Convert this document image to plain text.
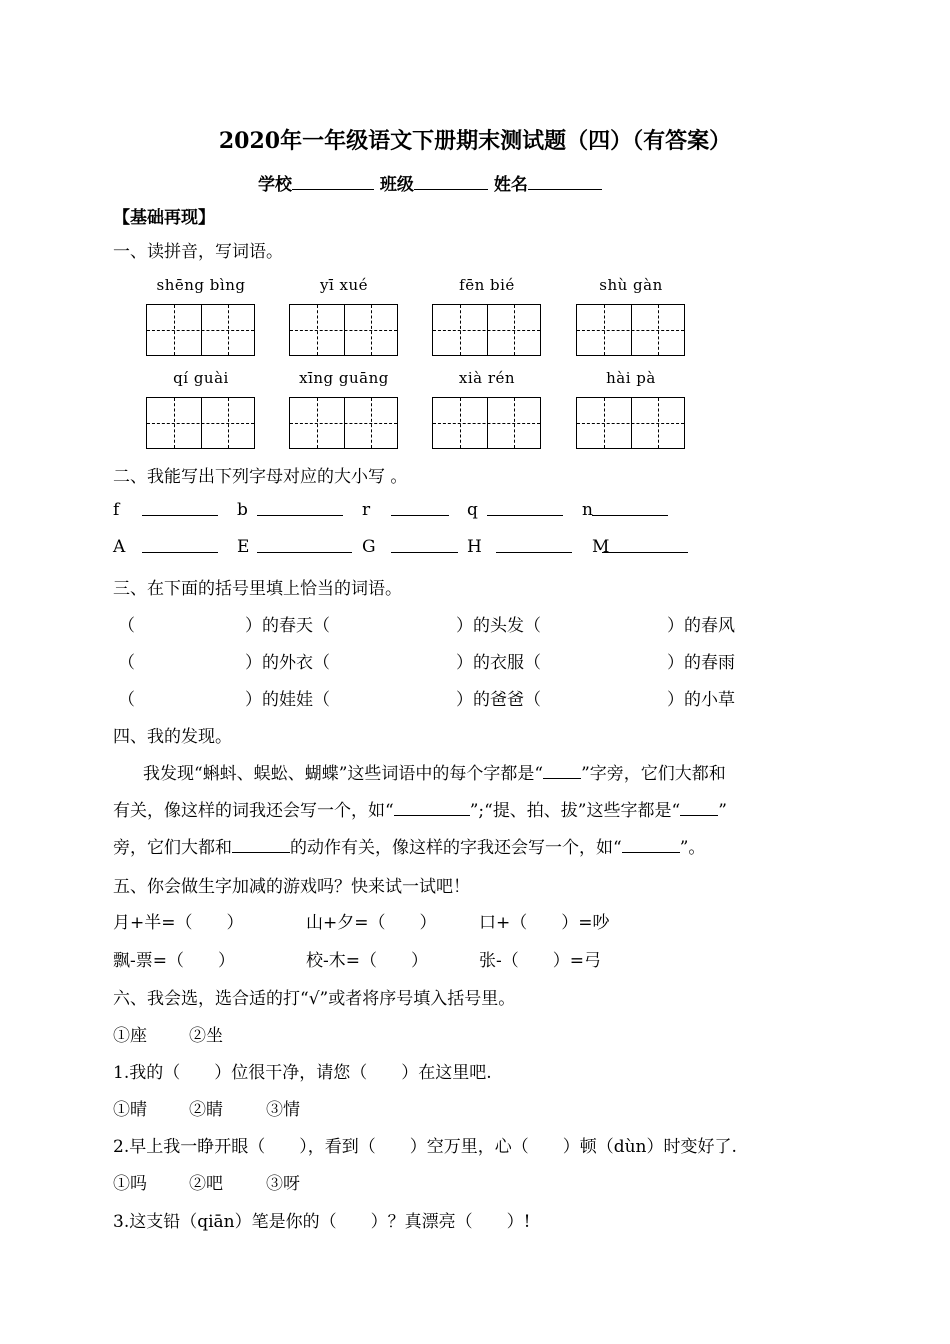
2020年一年级语文下册期末测试题（四）（有答案）
学校	班级	姓名
【基础再现】
一、读拼音，写词语。
shēng bìng	yī xué	fēn bié	shù gàn
qí guài	xīng guāng	xià rén	hài pà
二、我能写出下列字母对应的大小写 。
f	b	r	q	n
A	E	G	H	M
三、在下面的括号里填上恰当的词语。
（	）的春天（	）的头发（	）的春风
（	）的外衣（	）的衣服（	）的春雨
（	）的娃娃（	）的爸爸（	）的小草
四、我的发现。
我发现“蝌蚪、蜈蚣、蝴蝶”这些词语中的每个字都是“ ”字旁，它们大都和
有关，像这样的词我还会写一个，如“	”;“提、拍、拔”这些字都是“ ”
旁，它们大都和	的动作有关，像这样的字我还会写一个，如“	”。
五、你会做生字加减的游戏吗？快来试一试吧！
月+半=（　　）	山+夕=（　　）	口+（　　）=吵
飘-票=（　　）	校-木=（　　）	张-（　　）=弓
六、我会选，选合适的打“√”或者将序号填入括号里。
①座 ②坐
1.我的（　　）位很干净，请您（　　）在这里吧.
①晴 ②睛	③情
2.早上我一睁开眼（　　），看到（　　）空万里，心（　　）顿（dùn）时变好了.
①吗 ②吧	③呀
3.这支铅（qiān）笔是你的（　　）？真漂亮（　　）!
